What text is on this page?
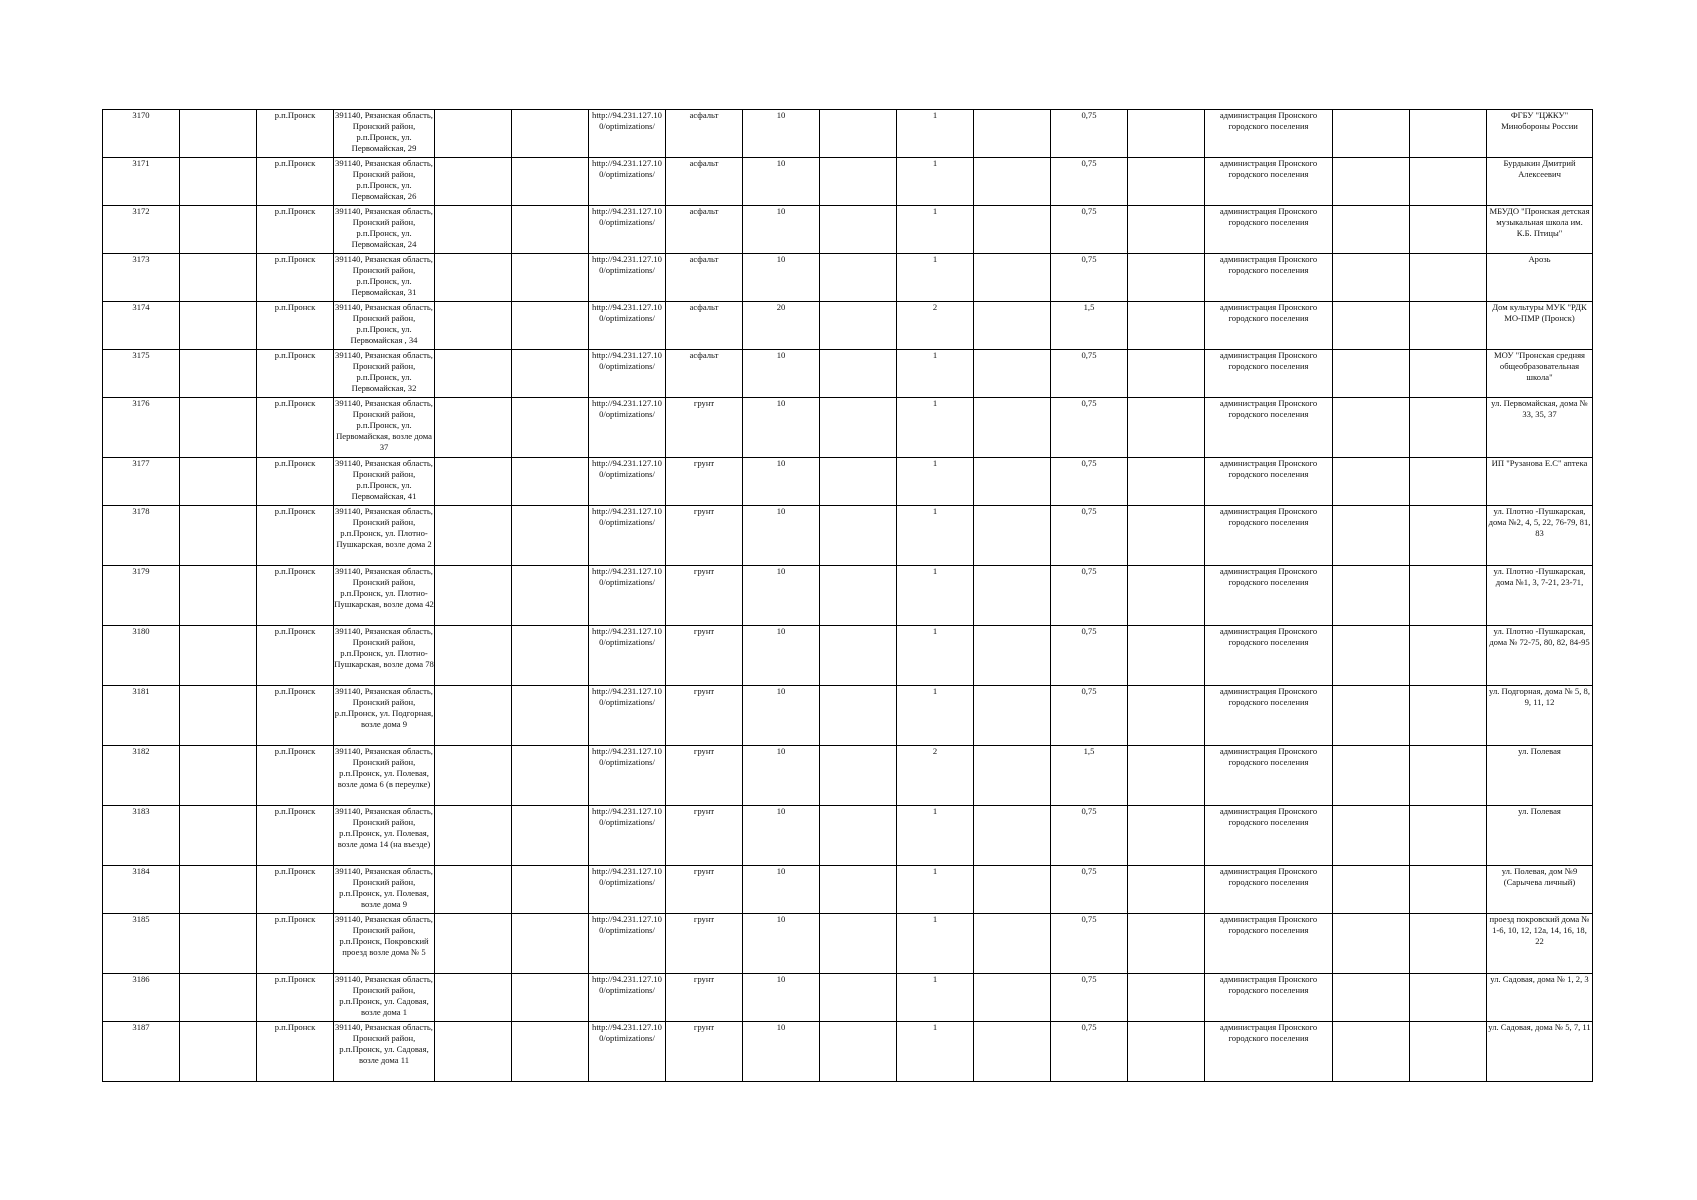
3170		р.п.Пронск	391140, Рязанская область, Пронский район, р.п.Пронск, ул. Первомайская, 29			http://94.231.127.100/optimizations/	асфальт	10		1		0,75		администрация Пронского городского поселения			ФГБУ "ЦЖКУ" Минобороны России
3171		р.п.Пронск	391140, Рязанская область, Пронский район, р.п.Пронск, ул. Первомайская, 26			http://94.231.127.100/optimizations/	асфальт	10		1		0,75		администрация Пронского городского поселения			Бурдыкин Дмитрий Алексеевич
3172		р.п.Пронск	391140, Рязанская область, Пронский район, р.п.Пронск, ул. Первомайская, 24			http://94.231.127.100/optimizations/	асфальт	10		1		0,75		администрация Пронского городского поселения			МБУДО "Пронская детская музыкальная школа им. К.Б. Птицы"
3173		р.п.Пронск	391140, Рязанская область, Пронский район, р.п.Пронск, ул. Первомайская, 31			http://94.231.127.100/optimizations/	асфальт	10		1		0,75		администрация Пронского городского поселения			Арозь
3174		р.п.Пронск	391140, Рязанская область, Пронский район, р.п.Пронск, ул. Первомайская , 34			http://94.231.127.100/optimizations/	асфальт	20		2		1,5		администрация Пронского городского поселения			Дом культуры МУК "РДК МО-ПМР (Пронск)
3175		р.п.Пронск	391140, Рязанская область, Пронский район, р.п.Пронск, ул. Первомайская, 32			http://94.231.127.100/optimizations/	асфальт	10		1		0,75		администрация Пронского городского поселения			МОУ "Пронская средняя общеобразовательная школа"
3176		р.п.Пронск	391140, Рязанская область, Пронский район, р.п.Пронск, ул. Первомайская, возле дома 37			http://94.231.127.100/optimizations/	грунт	10		1		0,75		администрация Пронского городского поселения			ул. Первомайская, дома № 33, 35, 37
3177		р.п.Пронск	391140, Рязанская область, Пронский район, р.п.Пронск, ул. Первомайская, 41			http://94.231.127.100/optimizations/	грунт	10		1		0,75		администрация Пронского городского поселения			ИП "Рузанова Е.С" аптека
3178		р.п.Пронск	391140, Рязанская область, Пронский район, р.п.Пронск, ул. Плотно-Пушкарская, возле дома 2			http://94.231.127.100/optimizations/	грунт	10		1		0,75		администрация Пронского городского поселения			ул. Плотно -Пушкарская, дома №2, 4, 5, 22, 76-79, 81, 83
3179		р.п.Пронск	391140, Рязанская область, Пронский район, р.п.Пронск, ул. Плотно-Пушкарская, возле дома 42			http://94.231.127.100/optimizations/	грунт	10		1		0,75		администрация Пронского городского поселения			ул. Плотно -Пушкарская, дома №1, 3, 7-21, 23-71,
3180		р.п.Пронск	391140, Рязанская область, Пронский район, р.п.Пронск, ул. Плотно-Пушкарская, возле дома 78			http://94.231.127.100/optimizations/	грунт	10		1		0,75		администрация Пронского городского поселения			ул. Плотно -Пушкарская, дома № 72-75, 80, 82, 84-95
3181		р.п.Пронск	391140, Рязанская область, Пронский район, р.п.Пронск, ул. Подгорная, возле дома 9			http://94.231.127.100/optimizations/	грунт	10		1		0,75		администрация Пронского городского поселения			ул. Подгорная, дома № 5, 8, 9, 11, 12
3182		р.п.Пронск	391140, Рязанская область, Пронский район, р.п.Пронск, ул. Полевая, возле дома 6 (в переулке)			http://94.231.127.100/optimizations/	грунт	10		2		1,5		администрация Пронского городского поселения			ул. Полевая
3183		р.п.Пронск	391140, Рязанская область, Пронский район, р.п.Пронск, ул. Полевая, возле дома 14 (на въезде)			http://94.231.127.100/optimizations/	грунт	10		1		0,75		администрация Пронского городского поселения			ул. Полевая
3184		р.п.Пронск	391140, Рязанская область, Пронский район, р.п.Пронск, ул. Полевая, возле дома 9			http://94.231.127.100/optimizations/	грунт	10		1		0,75		администрация Пронского городского поселения			ул. Полевая, дом №9 (Сарычева личный)
3185		р.п.Пронск	391140, Рязанская область, Пронский район, р.п.Пронск, Покровский проезд возле дома № 5			http://94.231.127.100/optimizations/	грунт	10		1		0,75		администрация Пронского городского поселения			проезд покровский дома № 1-6, 10, 12, 12а, 14, 16, 18, 22
3186		р.п.Пронск	391140, Рязанская область, Пронский район, р.п.Пронск, ул. Садовая, возле дома 1			http://94.231.127.100/optimizations/	грунт	10		1		0,75		администрация Пронского городского поселения			ул. Садовая, дома № 1, 2, 3
3187		р.п.Пронск	391140, Рязанская область, Пронский район, р.п.Пронск, ул. Садовая, возле дома 11			http://94.231.127.100/optimizations/	грунт	10		1		0,75		администрация Пронского городского поселения			ул. Садовая, дома № 5, 7, 11
